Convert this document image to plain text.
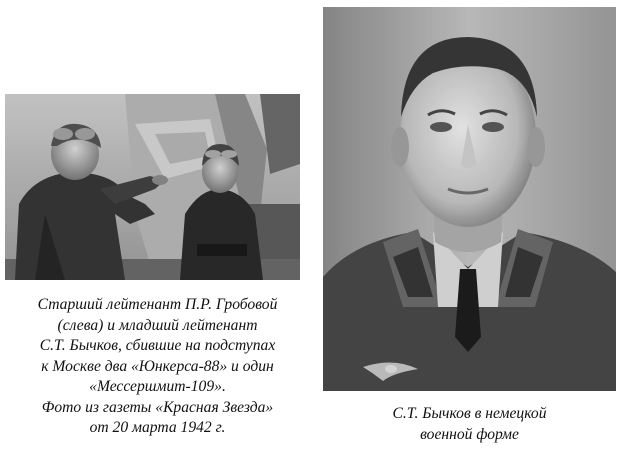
Старший лейтенант П.Р. Гробовой
(слева) и младший лейтенант
С.Т. Бычков, сбившие на подступах
к Москве два «Юнкерса-88» и один
«Мессершмит-109».
Фото из газеты «Красная Звезда»
от 20 марта 1942 г.
С.Т. Бычков в немецкой
военной форме
